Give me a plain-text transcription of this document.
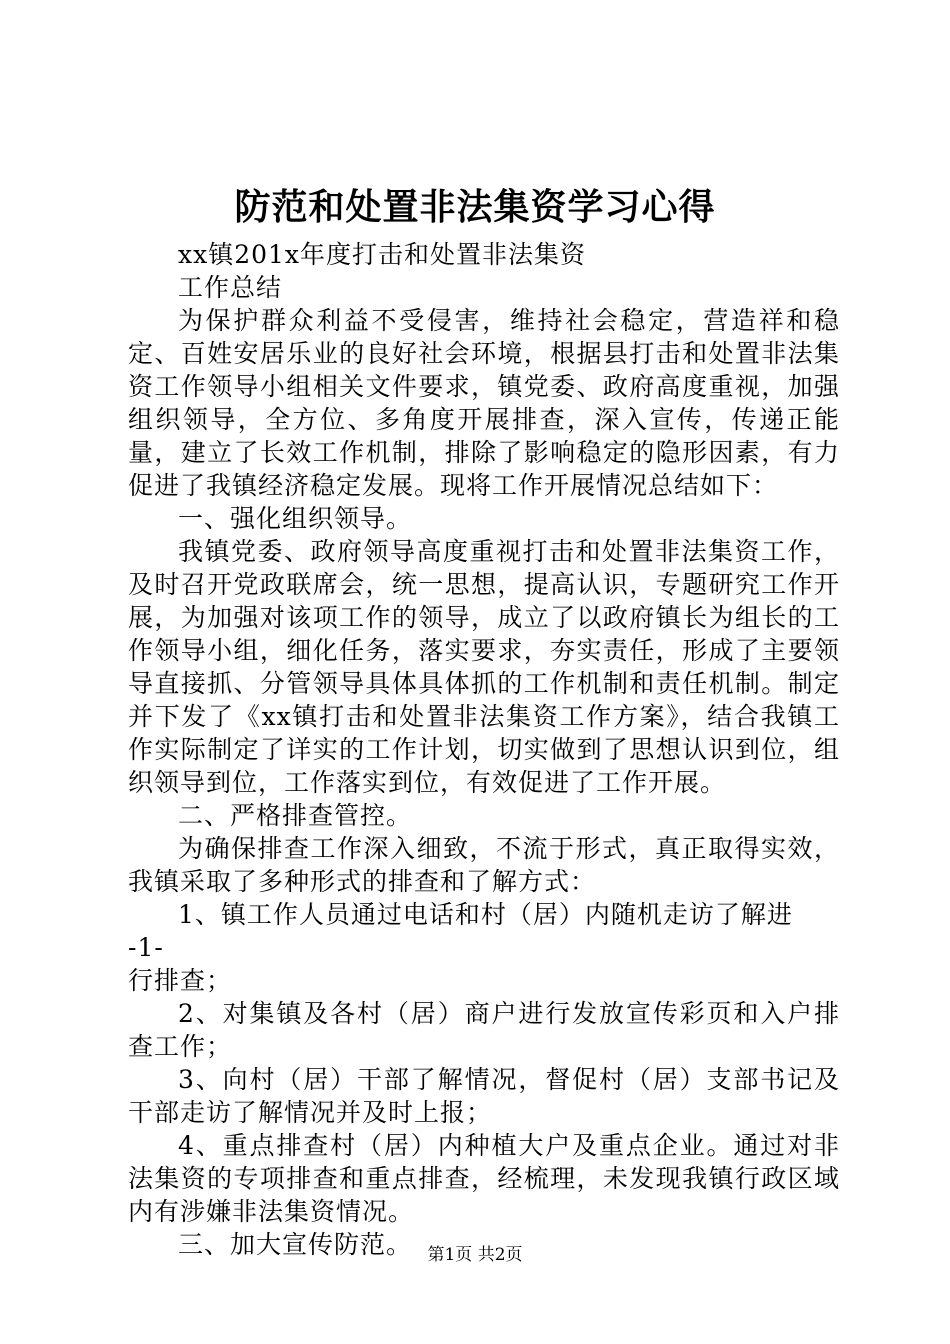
防范和处置非法集资学习心得

xx镇201x年度打击和处置非法集资

工作总结

为保护群众利益不受侵害，维持社会稳定，营造祥和稳定、百姓安居乐业的良好社会环境，根据县打击和处置非法集资工作领导小组相关文件要求，镇党委、政府高度重视，加强组织领导，全方位、多角度开展排查，深入宣传，传递正能量，建立了长效工作机制，排除了影响稳定的隐形因素，有力促进了我镇经济稳定发展。现将工作开展情况总结如下：

一、强化组织领导。

我镇党委、政府领导高度重视打击和处置非法集资工作，及时召开党政联席会，统一思想，提高认识，专题研究工作开展，为加强对该项工作的领导，成立了以政府镇长为组长的工作领导小组，细化任务，落实要求，夯实责任，形成了主要领导直接抓、分管领导具体具体抓的工作机制和责任机制。制定并下发了《xx镇打击和处置非法集资工作方案》，结合我镇工作实际制定了详实的工作计划，切实做到了思想认识到位，组织领导到位，工作落实到位，有效促进了工作开展。

二、严格排查管控。

为确保排查工作深入细致，不流于形式，真正取得实效，我镇采取了多种形式的排查和了解方式：

1、镇工作人员通过电话和村（居）内随机走访了解进

-1-

行排查；

2、对集镇及各村（居）商户进行发放宣传彩页和入户排查工作；

3、向村（居）干部了解情况，督促村（居）支部书记及干部走访了解情况并及时上报；

4、重点排查村（居）内种植大户及重点企业。通过对非法集资的专项排查和重点排查，经梳理，未发现我镇行政区域内有涉嫌非法集资情况。

三、加大宣传防范。 第1页 共2页
